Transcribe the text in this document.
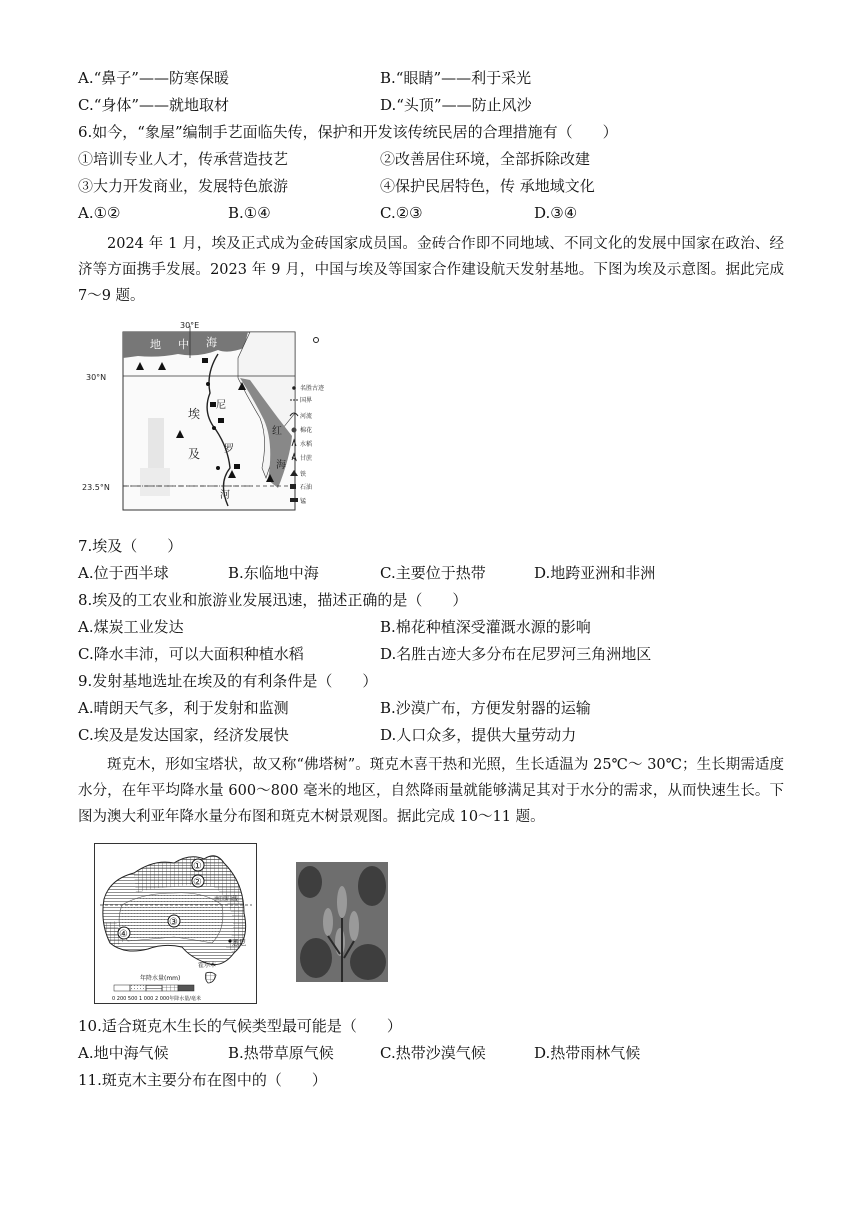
A.“鼻子”——防寒保暖	B.“眼睛”——利于采光
C.“身体”——就地取材	D.“头顶”——防止风沙
6.如今，“象屋”编制手艺面临失传，保护和开发该传统民居的合理措施有（　　）
①培训专业人才，传承营造技艺	②改善居住环境，全部拆除改建
③大力开发商业，发展特色旅游	④保护民居特色，传 承地域文化
A.①②	B.①④	C.②③	D.③④

2024 年 1 月，埃及正式成为金砖国家成员国。金砖合作即不同地域、不同文化的发展中国家在政治、经济等方面携手发展。2023 年 9 月，中国与埃及等国家合作建设航天发射基地。下图为埃及示意图。据此完成 7～9 题。

30°E
30°N
23.5°N
地 中 海
埃
及
尼
罗
河
红
海
名胜古迹
国界
河流
棉花
水稻
甘蔗
铁
石油
锰
7.埃及（　　）
A.位于西半球	B.东临地中海	C.主要位于热带	D.地跨亚洲和非洲
8.埃及的工农业和旅游业发展迅速，描述正确的是（　　）
A.煤炭工业发达	B.棉花种植深受灌溉水源的影响
C.降水丰沛，可以大面积种植水稻	D.名胜古迹大多分布在尼罗河三角洲地区
9.发射基地选址在埃及的有利条件是（　　）
A.晴朗天气多，利于发射和监测	B.沙漠广布，方便发射器的运输
C.埃及是发达国家，经济发展快	D.人口众多，提供大量劳动力

斑克木，形如宝塔状，故又称“佛塔树”。斑克木喜干热和光照，生长适温为 25℃～ 30℃；生长期需适度水分，在年平均降水量 600～800 毫米的地区，自然降雨量就能够满足其对于水分的需求，从而快速生长。下图为澳大利亚年降水量分布图和斑克木树景观图。据此完成 10～11 题。

南回归线
①
②
③
④
悉尼
霍尔本
年降水量(mm)
0 200 500 1 000 2 000年降水量/毫米
10.适合斑克木生长的气候类型最可能是（　　）
A.地中海气候	B.热带草原气候	C.热带沙漠气候	D.热带雨林气候
11.斑克木主要分布在图中的（　　）
